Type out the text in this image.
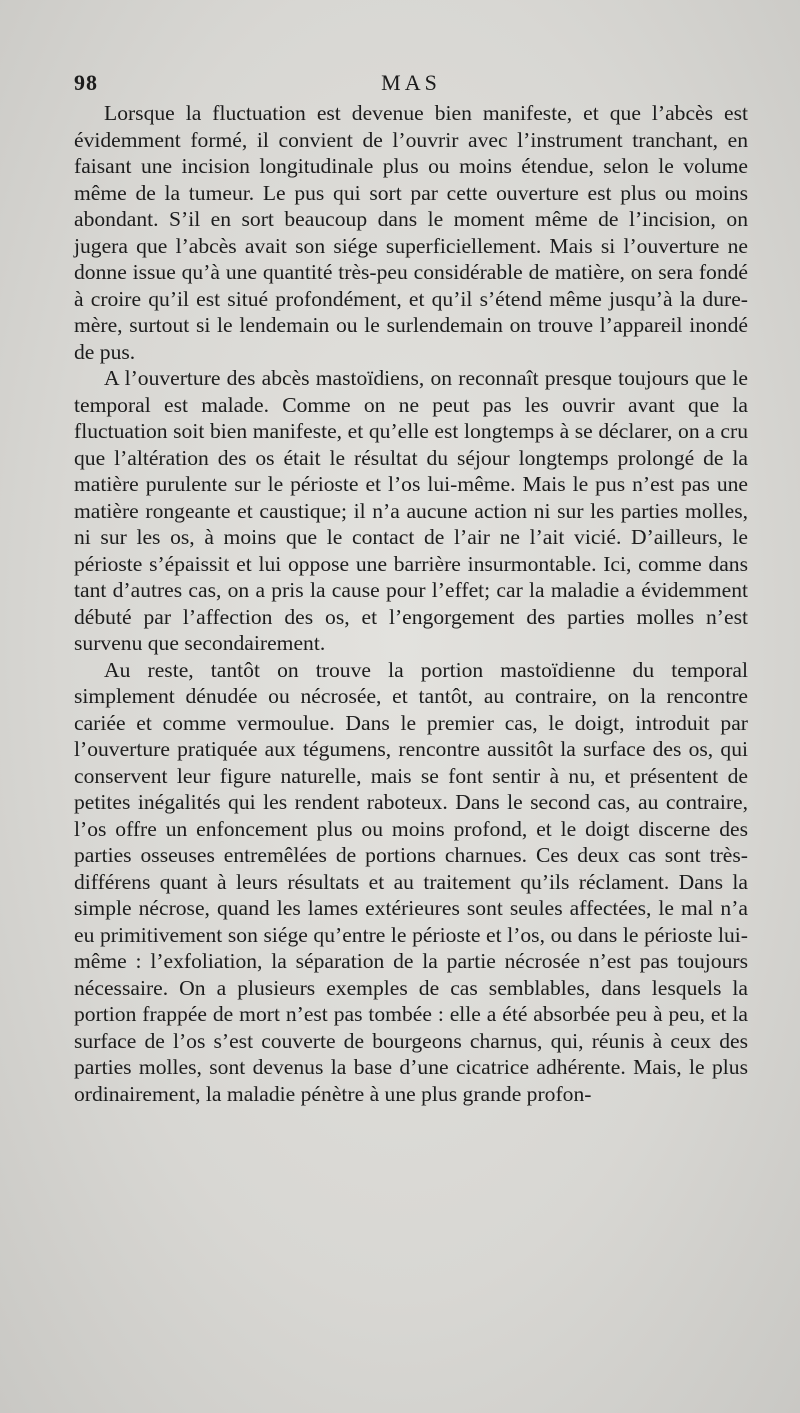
98	MAS

Lorsque la fluctuation est devenue bien manifeste, et que l’abcès est évidemment formé, il convient de l’ouvrir avec l’instrument tranchant, en faisant une incision longitudinale plus ou moins étendue, selon le volume même de la tumeur. Le pus qui sort par cette ouverture est plus ou moins abondant. S’il en sort beaucoup dans le moment même de l’incision, on jugera que l’abcès avait son siége superficiellement. Mais si l’ouverture ne donne issue qu’à une quantité très-peu considérable de matière, on sera fondé à croire qu’il est situé profondément, et qu’il s’étend même jusqu’à la dure-mère, surtout si le lendemain ou le surlendemain on trouve l’appareil inondé de pus.

A l’ouverture des abcès mastoïdiens, on reconnaît presque toujours que le temporal est malade. Comme on ne peut pas les ouvrir avant que la fluctuation soit bien manifeste, et qu’elle est longtemps à se déclarer, on a cru que l’altération des os était le résultat du séjour longtemps prolongé de la matière purulente sur le périoste et l’os lui-même. Mais le pus n’est pas une matière rongeante et caustique; il n’a aucune action ni sur les parties molles, ni sur les os, à moins que le contact de l’air ne l’ait vicié. D’ailleurs, le périoste s’épaissit et lui oppose une barrière insurmontable. Ici, comme dans tant d’autres cas, on a pris la cause pour l’effet; car la maladie a évidemment débuté par l’affection des os, et l’engorgement des parties molles n’est survenu que secondairement.

Au reste, tantôt on trouve la portion mastoïdienne du temporal simplement dénudée ou nécrosée, et tantôt, au contraire, on la rencontre cariée et comme vermoulue. Dans le premier cas, le doigt, introduit par l’ouverture pratiquée aux tégumens, rencontre aussitôt la surface des os, qui conservent leur figure naturelle, mais se font sentir à nu, et présentent de petites inégalités qui les rendent raboteux. Dans le second cas, au contraire, l’os offre un enfoncement plus ou moins profond, et le doigt discerne des parties osseuses entremêlées de portions charnues. Ces deux cas sont très-différens quant à leurs résultats et au traitement qu’ils réclament. Dans la simple nécrose, quand les lames extérieures sont seules affectées, le mal n’a eu primitivement son siége qu’entre le périoste et l’os, ou dans le périoste lui-même : l’exfoliation, la séparation de la partie nécrosée n’est pas toujours nécessaire. On a plusieurs exemples de cas semblables, dans lesquels la portion frappée de mort n’est pas tombée : elle a été absorbée peu à peu, et la surface de l’os s’est couverte de bourgeons charnus, qui, réunis à ceux des parties molles, sont devenus la base d’une cicatrice adhérente. Mais, le plus ordinairement, la maladie pénètre à une plus grande profon-
